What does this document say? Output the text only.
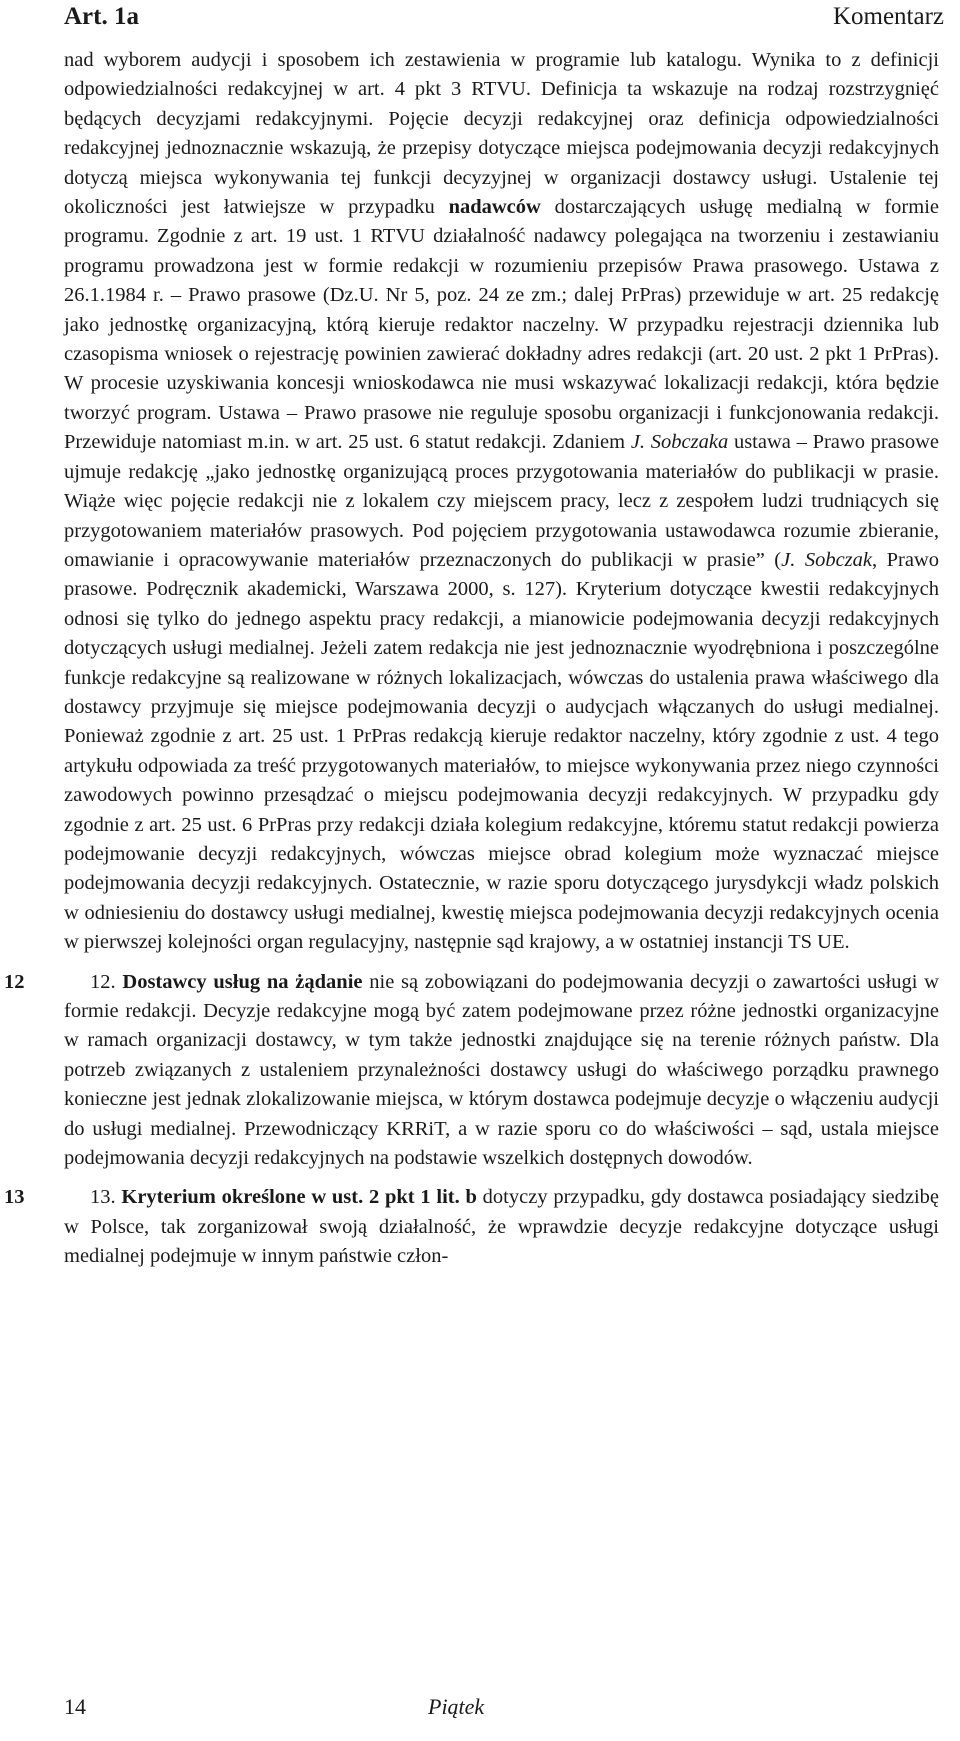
Art. 1a	Komentarz

nad wyborem audycji i sposobem ich zestawienia w programie lub katalogu. Wynika to z definicji odpowiedzialności redakcyjnej w art. 4 pkt 3 RTVU. Definicja ta wskazuje na rodzaj rozstrzygnięć będących decyzjami redakcyjnymi. Pojęcie decyzji redakcyjnej oraz definicja odpowiedzialności redakcyjnej jednoznacznie wskazują, że przepisy dotyczące miejsca podejmowania decyzji redakcyjnych dotyczą miejsca wykonywania tej funkcji decyzyjnej w organizacji dostawcy usługi. Ustalenie tej okoliczności jest łatwiejsze w przypadku nadawców dostarczających usługę medialną w formie programu. Zgodnie z art. 19 ust. 1 RTVU działalność nadawcy polegająca na tworzeniu i zestawianiu programu prowadzona jest w formie redakcji w rozumieniu przepisów Prawa prasowego. Ustawa z 26.1.1984 r. – Prawo prasowe (Dz.U. Nr 5, poz. 24 ze zm.; dalej PrPras) przewiduje w art. 25 redakcję jako jednostkę organizacyjną, którą kieruje redaktor naczelny. W przypadku rejestracji dziennika lub czasopisma wniosek o rejestrację powinien zawierać dokładny adres redakcji (art. 20 ust. 2 pkt 1 PrPras). W procesie uzyskiwania koncesji wnioskodawca nie musi wskazywać lokalizacji redakcji, która będzie tworzyć program. Ustawa – Prawo prasowe nie reguluje sposobu organizacji i funkcjonowania redakcji. Przewiduje natomiast m.in. w art. 25 ust. 6 statut redakcji. Zdaniem J. Sobczaka ustawa – Prawo prasowe ujmuje redakcję „jako jednostkę organizującą proces przygotowania materiałów do publikacji w prasie. Wiąże więc pojęcie redakcji nie z lokalem czy miejscem pracy, lecz z zespołem ludzi trudniących się przygotowaniem materiałów prasowych. Pod pojęciem przygotowania ustawodawca rozumie zbieranie, omawianie i opracowywanie materiałów przeznaczonych do publikacji w prasie” (J. Sobczak, Prawo prasowe. Podręcznik akademicki, Warszawa 2000, s. 127). Kryterium dotyczące kwestii redakcyjnych odnosi się tylko do jednego aspektu pracy redakcji, a mianowicie podejmowania decyzji redakcyjnych dotyczących usługi medialnej. Jeżeli zatem redakcja nie jest jednoznacznie wyodrębniona i poszczególne funkcje redakcyjne są realizowane w różnych lokalizacjach, wówczas do ustalenia prawa właściwego dla dostawcy przyjmuje się miejsce podejmowania decyzji o audycjach włączanych do usługi medialnej. Ponieważ zgodnie z art. 25 ust. 1 PrPras redakcją kieruje redaktor naczelny, który zgodnie z ust. 4 tego artykułu odpowiada za treść przygotowanych materiałów, to miejsce wykonywania przez niego czynności zawodowych powinno przesądzać o miejscu podejmowania decyzji redakcyjnych. W przypadku gdy zgodnie z art. 25 ust. 6 PrPras przy redakcji działa kolegium redakcyjne, któremu statut redakcji powierza podejmowanie decyzji redakcyjnych, wówczas miejsce obrad kolegium może wyznaczać miejsce podejmowania decyzji redakcyjnych. Ostatecznie, w razie sporu dotyczącego jurysdykcji władz polskich w odniesieniu do dostawcy usługi medialnej, kwestię miejsca podejmowania decyzji redakcyjnych ocenia w pierwszej kolejności organ regulacyjny, następnie sąd krajowy, a w ostatniej instancji TS UE.

12	12. Dostawcy usług na żądanie nie są zobowiązani do podejmowania decyzji o zawartości usługi w formie redakcji. Decyzje redakcyjne mogą być zatem podejmowane przez różne jednostki organizacyjne w ramach organizacji dostawcy, w tym także jednostki znajdujące się na terenie różnych państw. Dla potrzeb związanych z ustaleniem przynależności dostawcy usługi do właściwego porządku prawnego konieczne jest jednak zlokalizowanie miejsca, w którym dostawca podejmuje decyzje o włączeniu audycji do usługi medialnej. Przewodniczący KRRiT, a w razie sporu co do właściwości – sąd, ustala miejsce podejmowania decyzji redakcyjnych na podstawie wszelkich dostępnych dowodów.

13	13. Kryterium określone w ust. 2 pkt 1 lit. b dotyczy przypadku, gdy dostawca posiadający siedzibę w Polsce, tak zorganizował swoją działalność, że wprawdzie decyzje redakcyjne dotyczące usługi medialnej podejmuje w innym państwie człon-

14	Piątek
